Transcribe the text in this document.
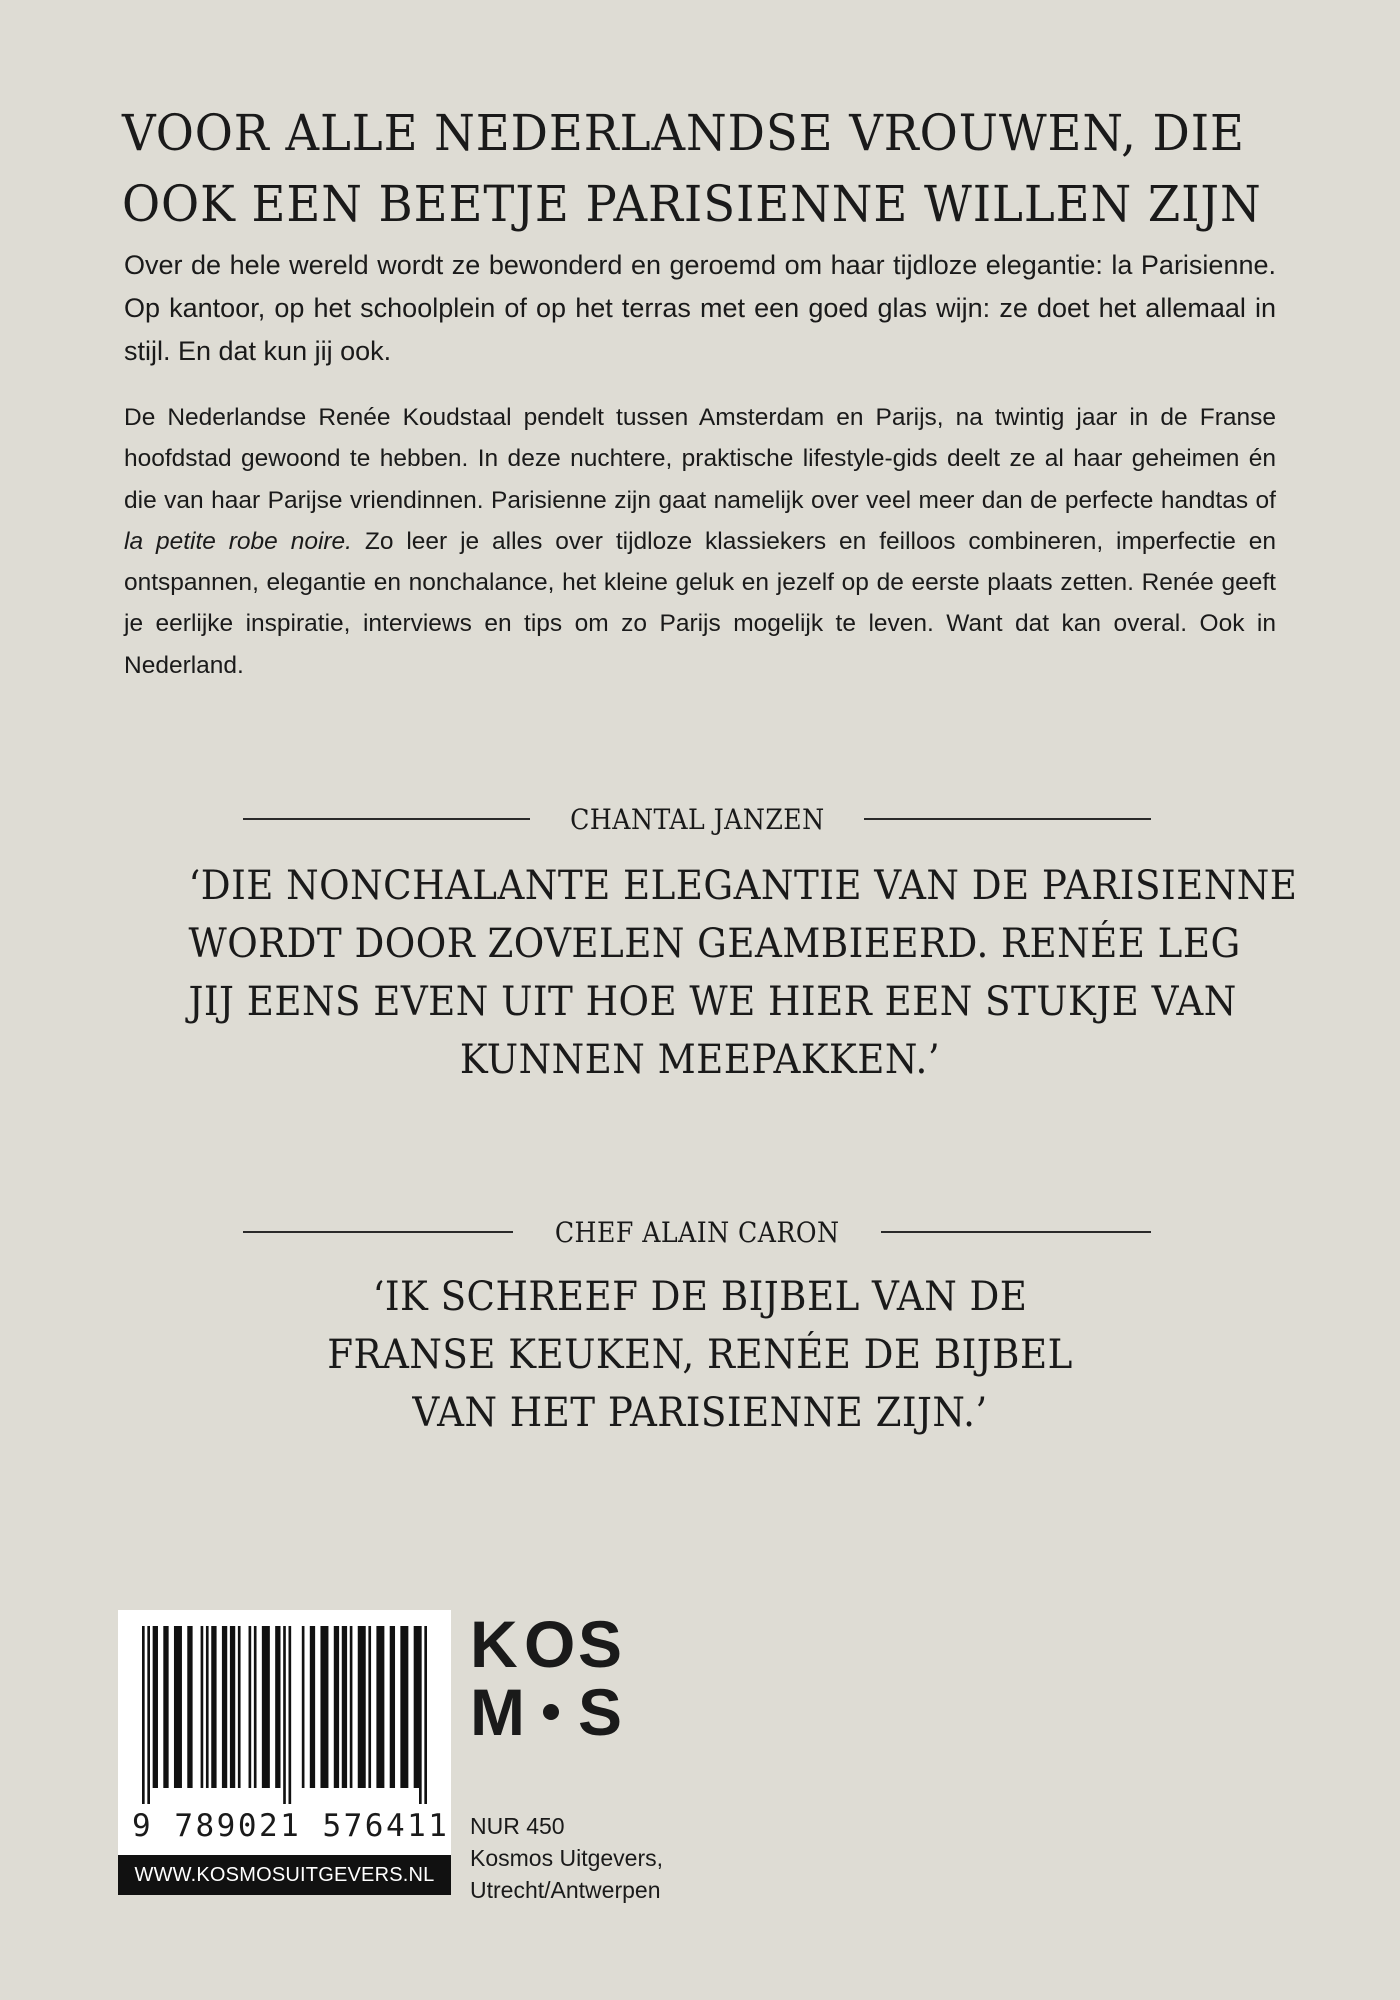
VOOR ALLE NEDERLANDSE VROUWEN, DIE
OOK EEN BEETJE PARISIENNE WILLEN ZIJN

Over de hele wereld wordt ze bewonderd en geroemd om haar tijdloze elegantie: la Parisienne. Op kantoor, op het schoolplein of op het terras met een goed glas wijn: ze doet het allemaal in stijl. En dat kun jij ook.

De Nederlandse Renée Koudstaal pendelt tussen Amsterdam en Parijs, na twintig jaar in de Franse hoofdstad gewoond te hebben. In deze nuchtere, praktische lifestyle-gids deelt ze al haar geheimen én die van haar Parijse vriendinnen. Parisienne zijn gaat namelijk over veel meer dan de perfecte handtas of la petite robe noire. Zo leer je alles over tijdloze klassiekers en feilloos combineren, imperfectie en ontspannen, elegantie en nonchalance, het kleine geluk en jezelf op de eerste plaats zetten. Renée geeft je eerlijke inspiratie, interviews en tips om zo Parijs mogelijk te leven. Want dat kan overal. Ook in Nederland.

CHANTAL JANZEN

‘DIE NONCHALANTE ELEGANTIE VAN DE PARISIENNE
WORDT DOOR ZOVELEN GEAMBIEERD. RENÉE LEG
JIJ EENS EVEN UIT HOE WE HIER EEN STUKJE VAN
KUNNEN MEEPAKKEN.’

CHEF ALAIN CARON

‘IK SCHREEF DE BIJBEL VAN DE
FRANSE KEUKEN, RENÉE DE BIJBEL
VAN HET PARISIENNE ZIJN.’

9 789021 576411
WWW.KOSMOSUITGEVERS.NL
K O S
M S
NUR 450
Kosmos Uitgevers,
Utrecht/Antwerpen
